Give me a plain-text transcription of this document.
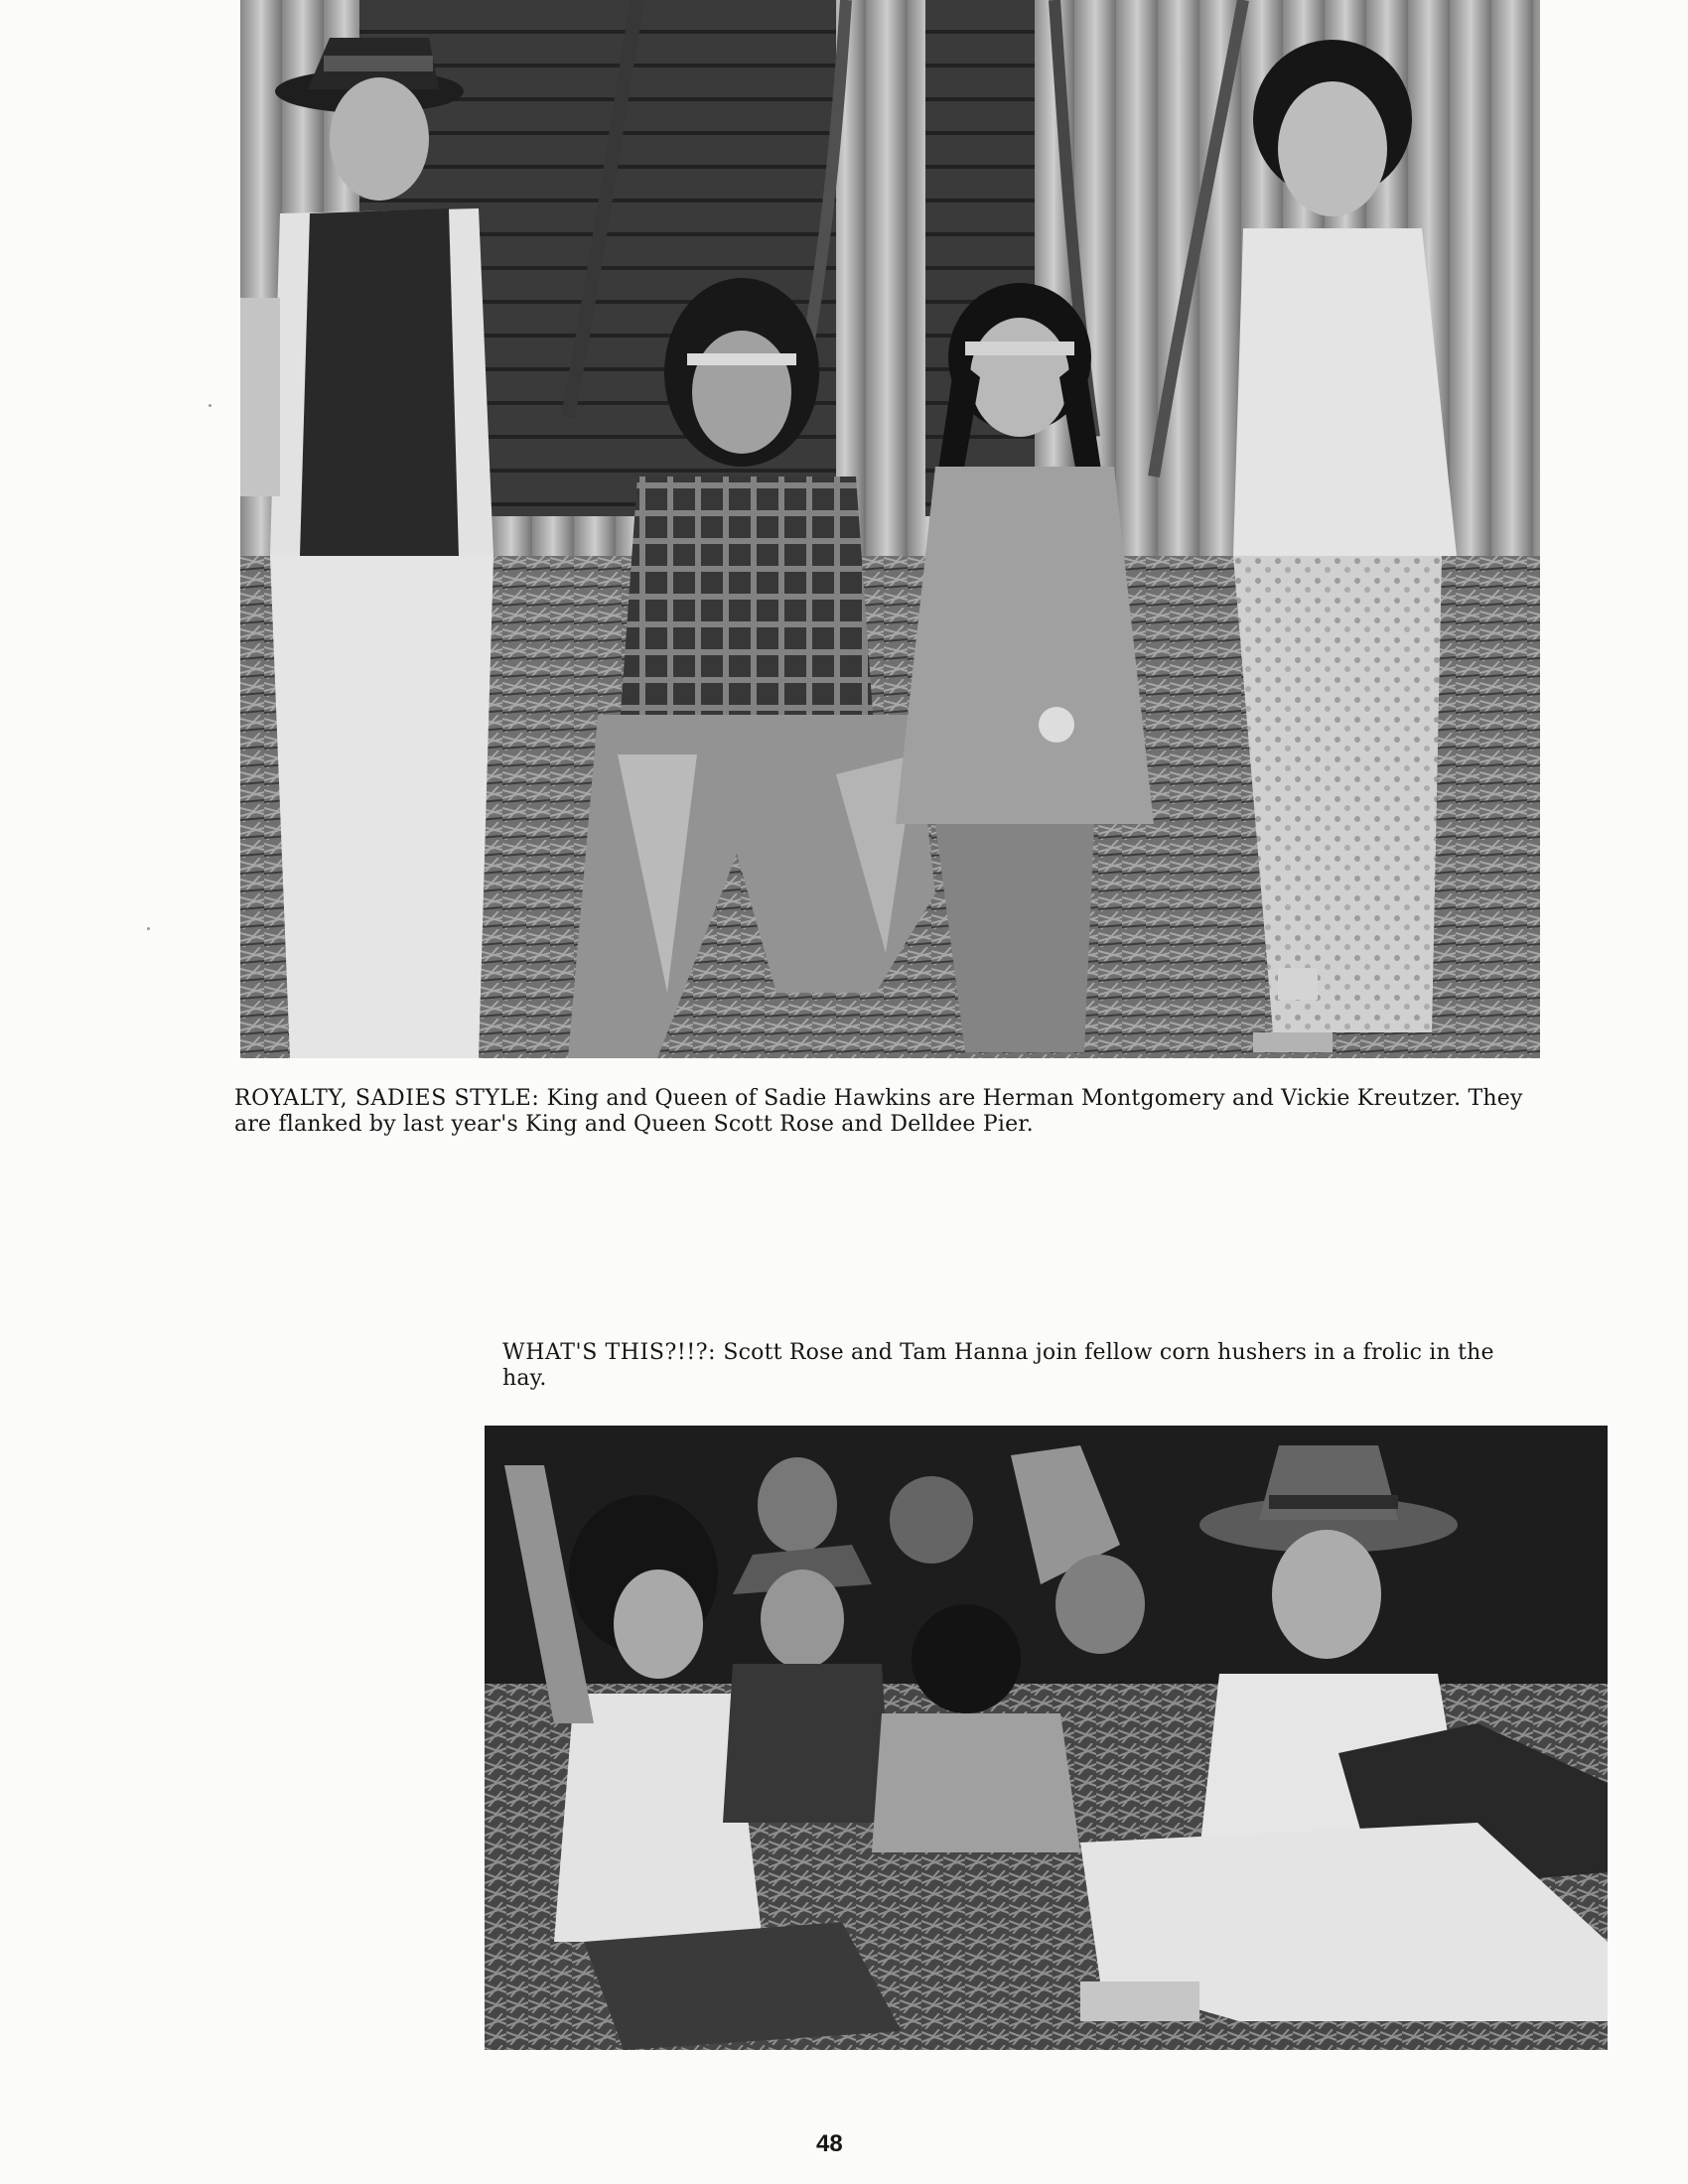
ROYALTY, SADIES STYLE: King and Queen of Sadie Hawkins are Herman Montgomery and Vickie Kreutzer. They are flanked by last year's King and Queen Scott Rose and Delldee Pier.
WHAT'S THIS?!!?: Scott Rose and Tam Hanna join fellow corn hushers in a frolic in the hay.
48
